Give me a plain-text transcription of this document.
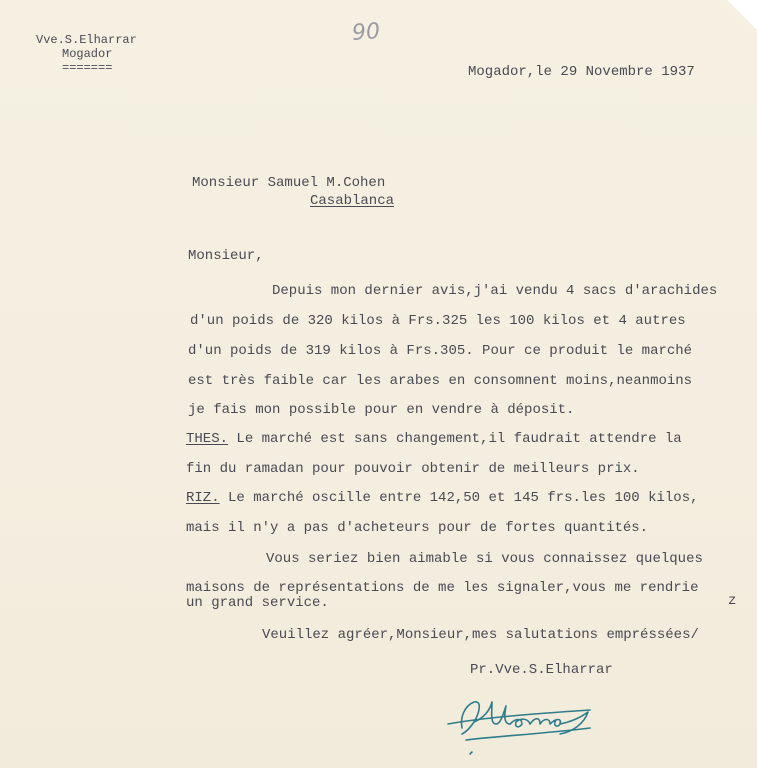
90
Vve.S.Elharrar
Mogador
=======	Mogador,le 29 Novembre 1937
Monsieur Samuel M.Cohen
Casablanca
Monsieur,
Depuis mon dernier avis,j'ai vendu 4 sacs d'arachides
d'un poids de 320 kilos à Frs.325 les 100 kilos et 4 autres
d'un poids de 319 kilos à Frs.305. Pour ce produit le marché
est très faible car les arabes en consomnent moins,neanmoins
je fais mon possible pour en vendre à déposit.
THES. Le marché est sans changement,il faudrait attendre la
fin du ramadan pour pouvoir obtenir de meilleurs prix.
RIZ. Le marché oscille entre 142,50 et 145 frs.les 100 kilos,
mais il n'y a pas d'acheteurs pour de fortes quantités.
Vous seriez bien aimable si vous connaissez quelques
maisons de représentations de me les signaler,vous me rendrie
z
un grand service.
Veuillez agréer,Monsieur,mes salutations empréssées/
Pr.Vve.S.Elharrar
